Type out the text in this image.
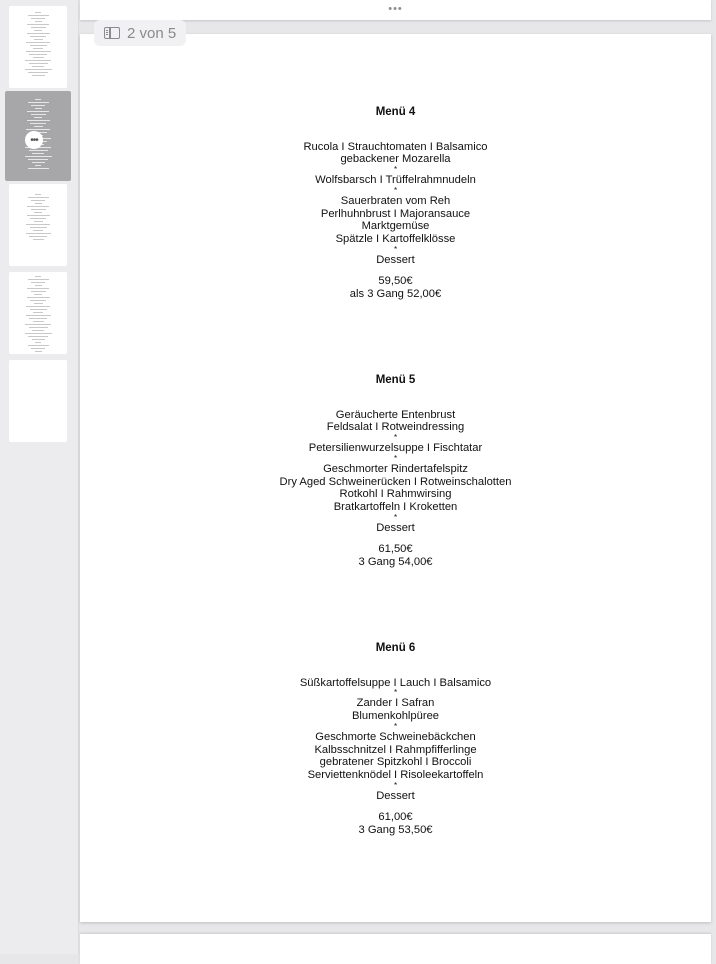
•••
•••
2 von 5
Menü 4
Rucola I Strauchtomaten I Balsamico
gebackener Mozarella
*
Wolfsbarsch I Trüffelrahmnudeln
*
Sauerbraten vom Reh
Perlhuhnbrust I Majoransauce
Marktgemüse
Spätzle I Kartoffelklösse
*
Dessert
59,50€
als 3 Gang 52,00€
Menü 5
Geräucherte Entenbrust
Feldsalat I Rotweindressing
*
Petersilienwurzelsuppe I Fischtatar
*
Geschmorter Rindertafelspitz
Dry Aged Schweinerücken I Rotweinschalotten
Rotkohl I Rahmwirsing
Bratkartoffeln I Kroketten
*
Dessert
61,50€
3 Gang 54,00€
Menü 6
Süßkartoffelsuppe I Lauch I Balsamico
*
Zander I Safran
Blumenkohlpüree
*
Geschmorte Schweinebäckchen
Kalbsschnitzel I Rahmpfifferlinge
gebratener Spitzkohl I Broccoli
Serviettenknödel I Risoleekartoffeln
*
Dessert
61,00€
3 Gang 53,50€
